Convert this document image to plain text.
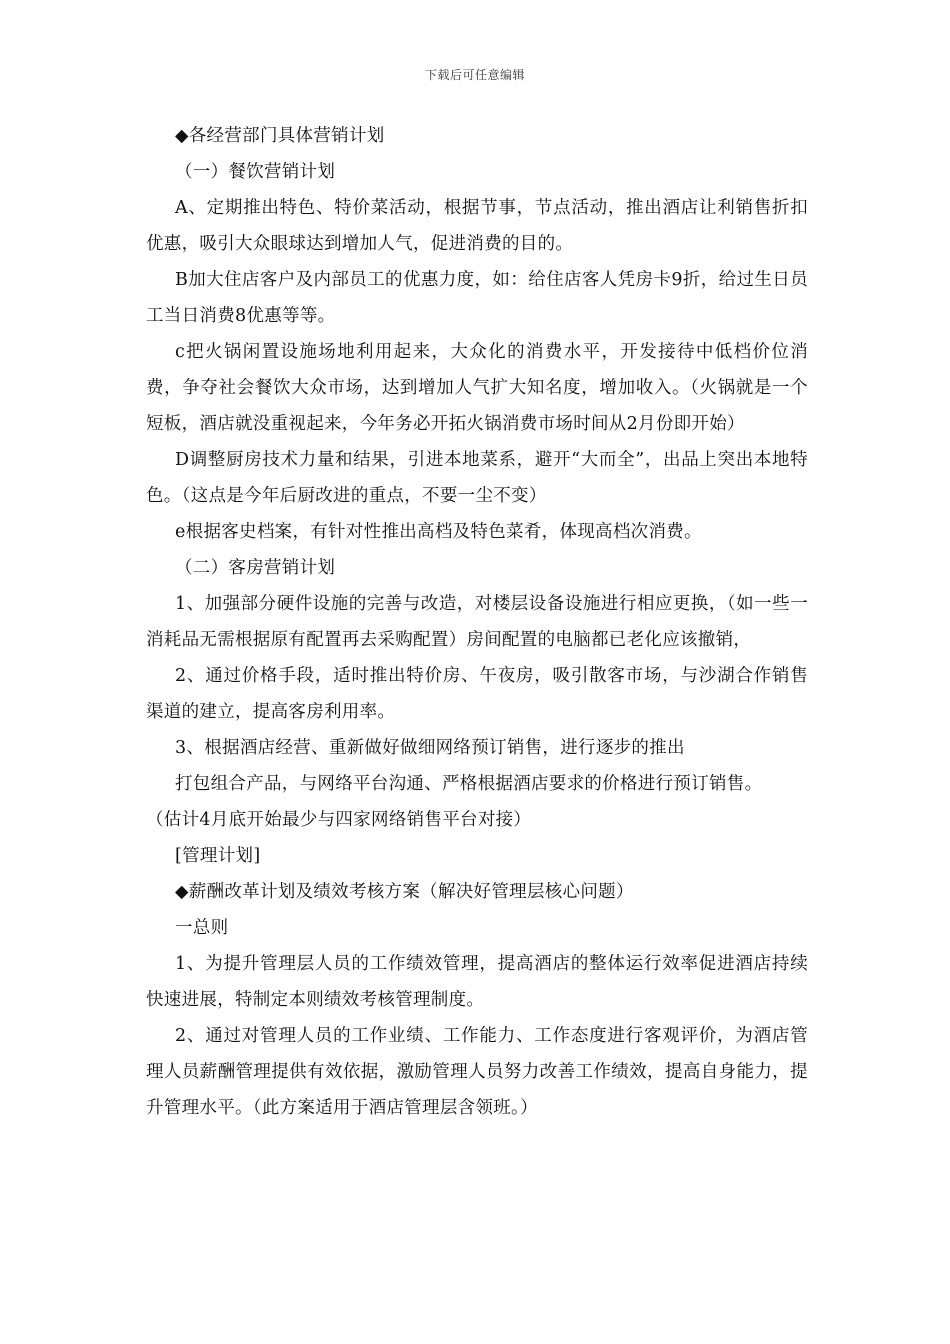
下载后可任意编辑

◆各经营部门具体营销计划

（一）餐饮营销计划

A、定期推出特色、特价菜活动，根据节事，节点活动，推出酒店让利销售折扣优惠，吸引大众眼球达到增加人气，促进消费的目的。

B加大住店客户及内部员工的优惠力度，如：给住店客人凭房卡9折，给过生日员工当日消费8优惠等等。

c把火锅闲置设施场地利用起来，大众化的消费水平，开发接待中低档价位消费，争夺社会餐饮大众市场，达到增加人气扩大知名度，增加收入。（火锅就是一个短板，酒店就没重视起来，今年务必开拓火锅消费市场时间从2月份即开始）

D调整厨房技术力量和结果，引进本地菜系，避开“大而全”，出品上突出本地特色。（这点是今年后厨改进的重点，不要一尘不变）

e根据客史档案，有针对性推出高档及特色菜肴，体现高档次消费。

（二）客房营销计划

1、加强部分硬件设施的完善与改造，对楼层设备设施进行相应更换，（如一些一消耗品无需根据原有配置再去采购配置）房间配置的电脑都已老化应该撤销，

2、通过价格手段，适时推出特价房、午夜房，吸引散客市场，与沙湖合作销售渠道的建立，提高客房利用率。

3、根据酒店经营、重新做好做细网络预订销售，进行逐步的推出

打包组合产品，与网络平台沟通、严格根据酒店要求的价格进行预订销售。

（估计4月底开始最少与四家网络销售平台对接）

[管理计划]

◆薪酬改革计划及绩效考核方案（解决好管理层核心问题）

一总则

1、为提升管理层人员的工作绩效管理，提高酒店的整体运行效率促进酒店持续快速进展，特制定本则绩效考核管理制度。

2、通过对管理人员的工作业绩、工作能力、工作态度进行客观评价，为酒店管理人员薪酬管理提供有效依据，激励管理人员努力改善工作绩效，提高自身能力，提升管理水平。（此方案适用于酒店管理层含领班。）
